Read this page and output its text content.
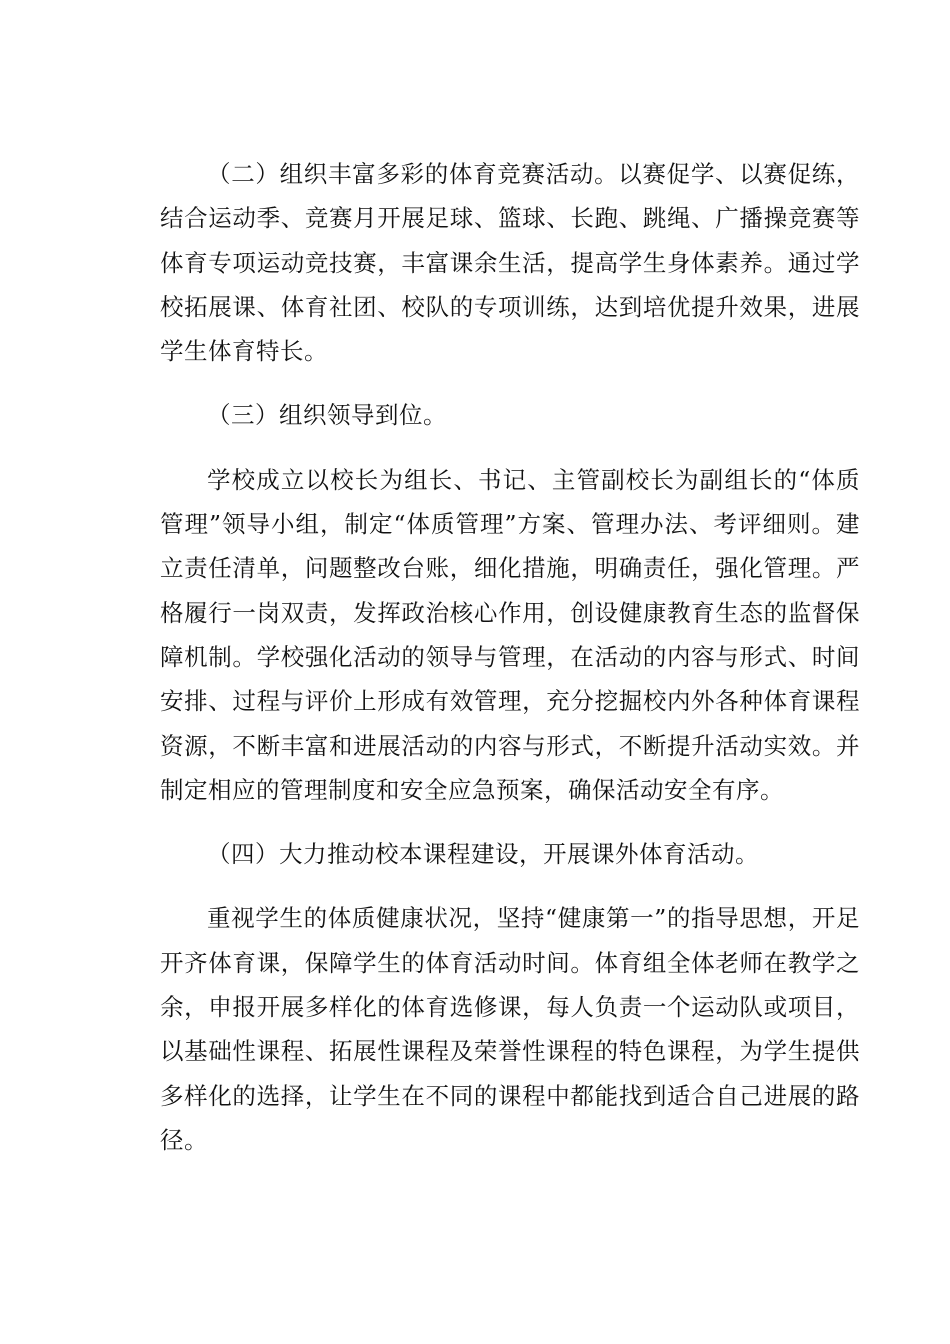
（二）组织丰富多彩的体育竞赛活动。以赛促学、以赛促练，结合运动季、竞赛月开展足球、篮球、长跑、跳绳、广播操竞赛等体育专项运动竞技赛，丰富课余生活，提高学生身体素养。通过学校拓展课、体育社团、校队的专项训练，达到培优提升效果，进展学生体育特长。

（三）组织领导到位。

学校成立以校长为组长、书记、主管副校长为副组长的“体质管理”领导小组，制定“体质管理”方案、管理办法、考评细则。建立责任清单，问题整改台账，细化措施，明确责任，强化管理。严格履行一岗双责，发挥政治核心作用，创设健康教育生态的监督保障机制。学校强化活动的领导与管理，在活动的内容与形式、时间安排、过程与评价上形成有效管理，充分挖掘校内外各种体育课程资源，不断丰富和进展活动的内容与形式，不断提升活动实效。并制定相应的管理制度和安全应急预案，确保活动安全有序。

（四）大力推动校本课程建设，开展课外体育活动。

重视学生的体质健康状况，坚持“健康第一”的指导思想，开足开齐体育课，保障学生的体育活动时间。体育组全体老师在教学之余，申报开展多样化的体育选修课，每人负责一个运动队或项目，以基础性课程、拓展性课程及荣誉性课程的特色课程，为学生提供多样化的选择，让学生在不同的课程中都能找到适合自己进展的路径。
